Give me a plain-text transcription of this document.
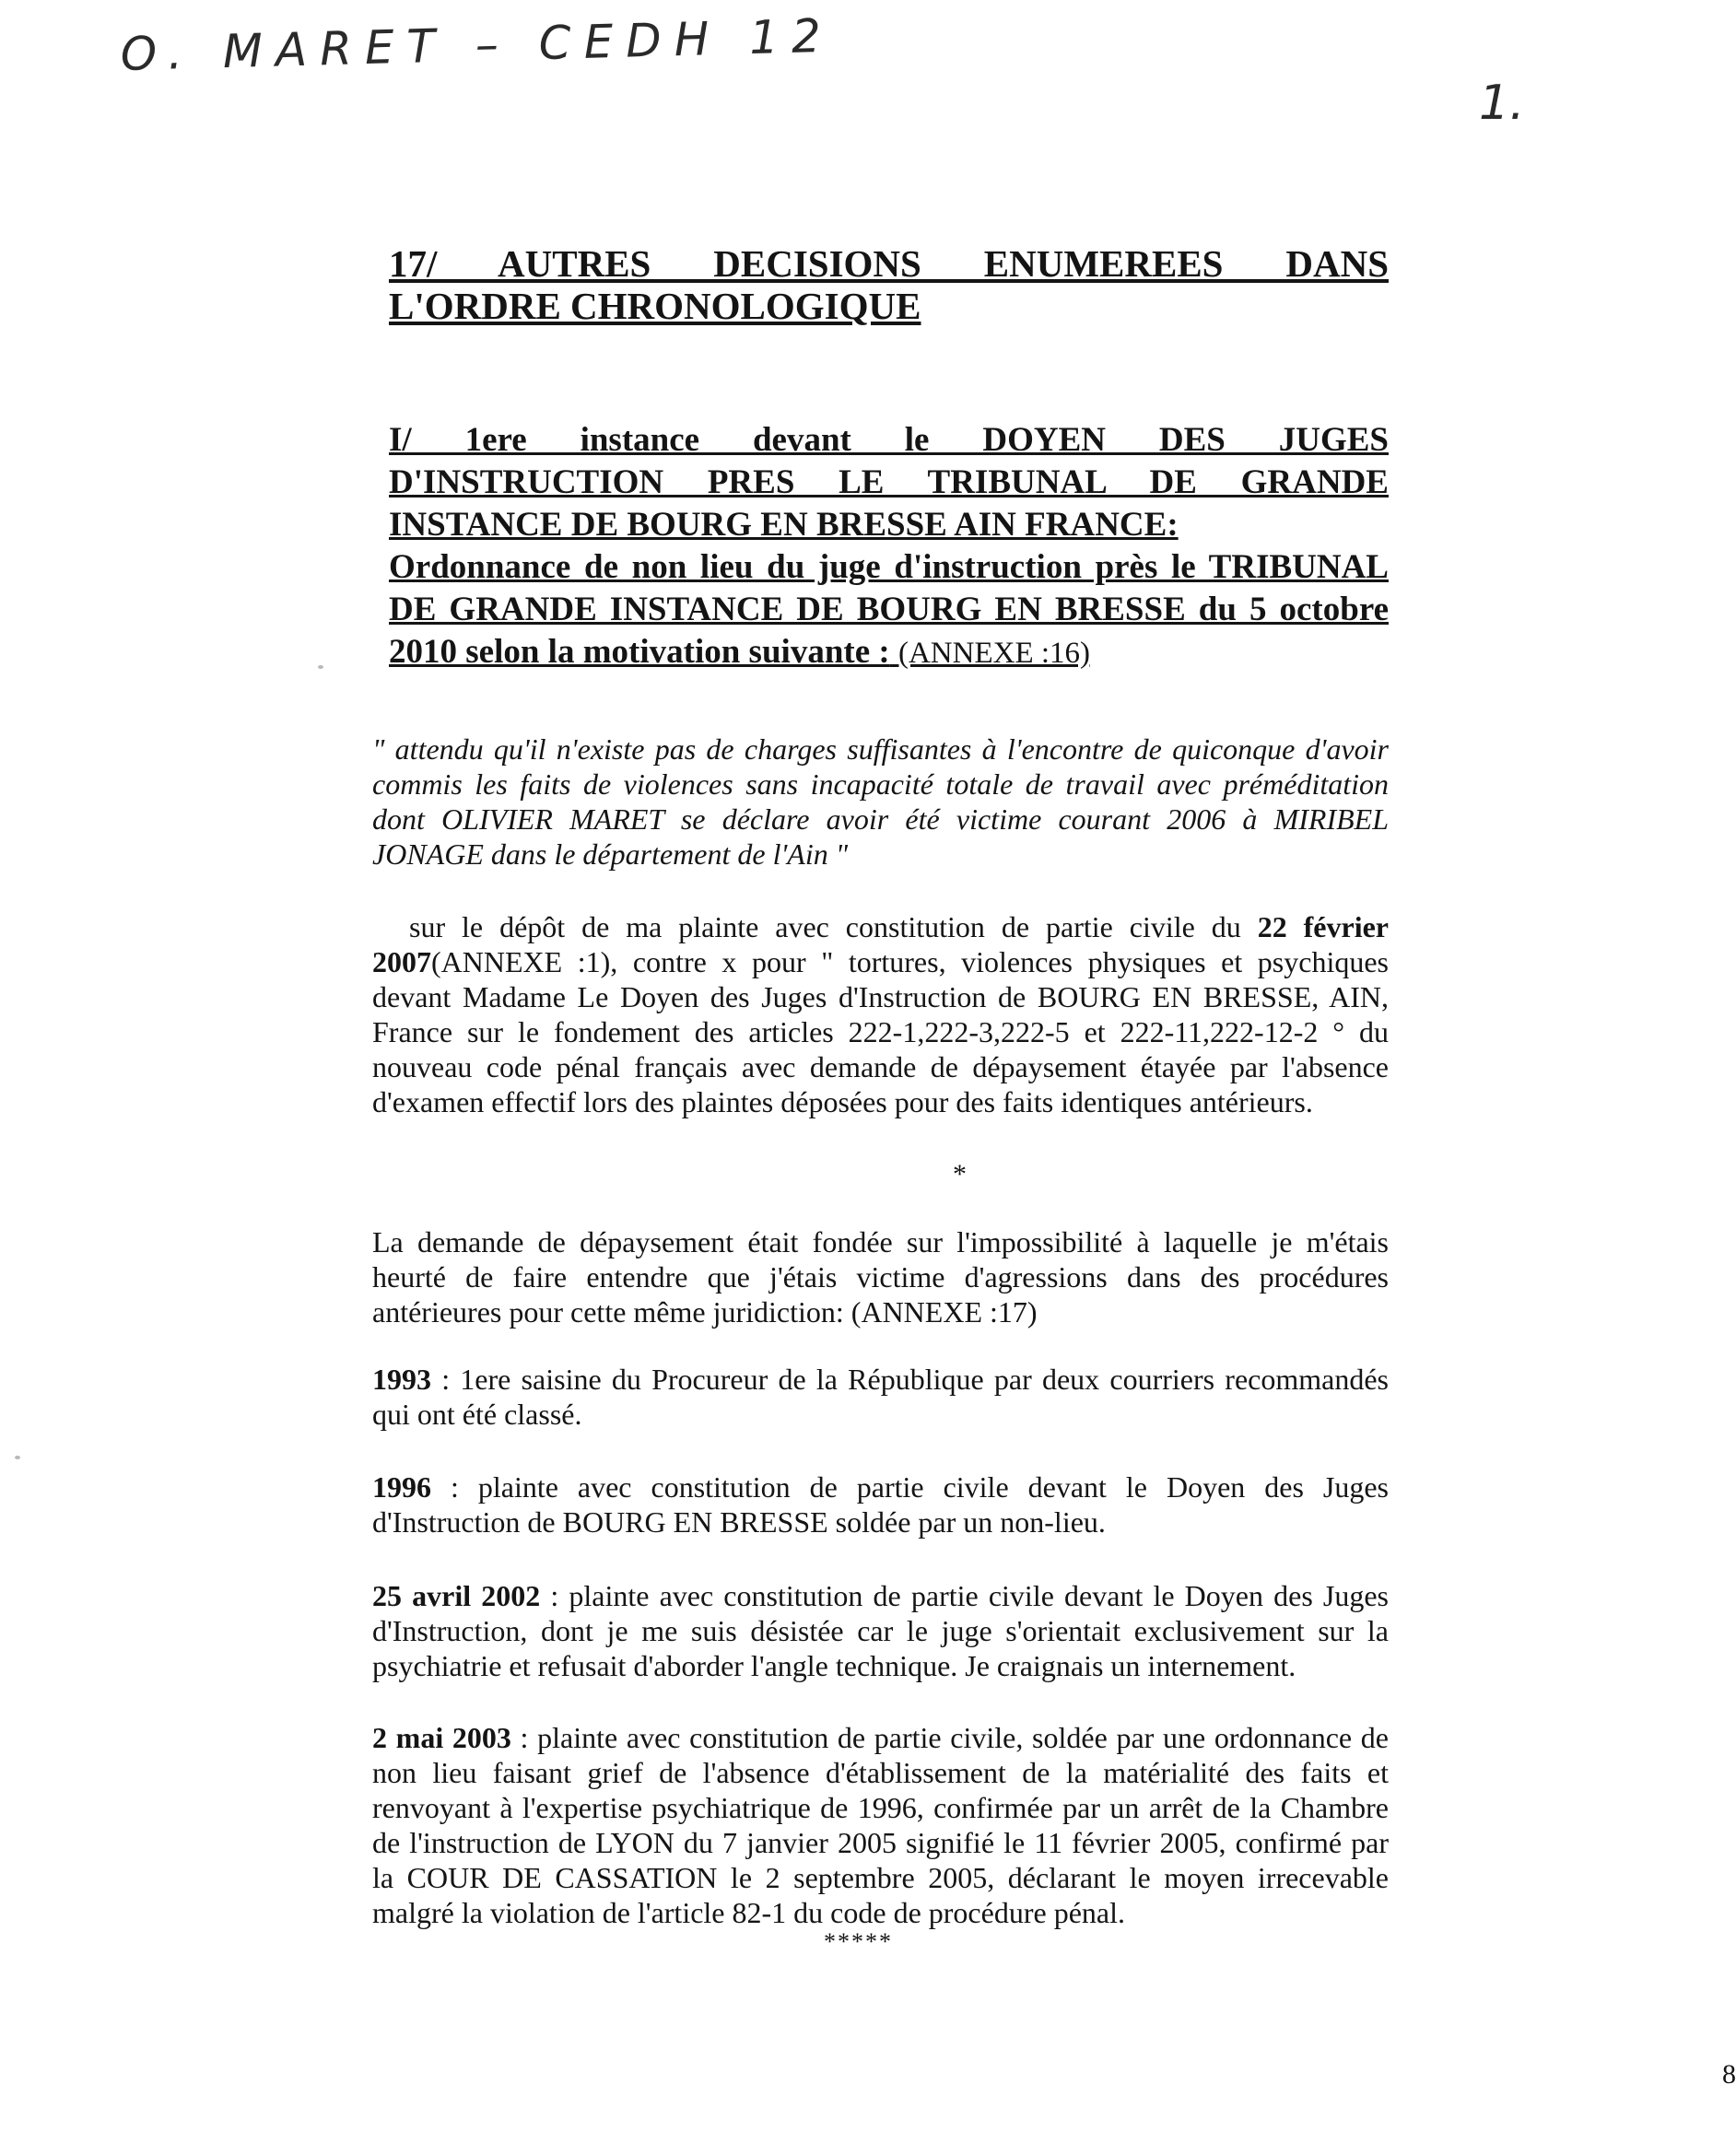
O. MARET – CEDH 12
1.
17/ AUTRES DECISIONS ENUMEREES DANS
L'ORDRE CHRONOLOGIQUE
I/ 1ere instance devant le DOYEN DES JUGES
D'INSTRUCTION PRES LE TRIBUNAL DE GRANDE
INSTANCE DE BOURG EN BRESSE AIN FRANCE:
Ordonnance de non lieu du juge d'instruction près le TRIBUNAL
DE GRANDE INSTANCE DE BOURG EN BRESSE du 5 octobre
2010 selon la motivation suivante : (ANNEXE :16)

" attendu qu'il n'existe pas de charges suffisantes à l'encontre de quiconque d'avoir commis les faits de violences sans incapacité totale de travail avec préméditation dont OLIVIER MARET se déclare avoir été victime courant 2006 à MIRIBEL JONAGE dans le département de l'Ain "

sur le dépôt de ma plainte avec constitution de partie civile du 22 février 2007(ANNEXE :1), contre x pour " tortures, violences physiques et psychiques devant Madame Le Doyen des Juges d'Instruction de BOURG EN BRESSE, AIN, France sur le fondement des articles 222-1,222-3,222-5 et 222-11,222-12-2 ° du nouveau code pénal français avec demande de dépaysement étayée par l'absence d'examen effectif lors des plaintes déposées pour des faits identiques antérieurs.

*

La demande de dépaysement était fondée sur l'impossibilité à laquelle je m'étais heurté de faire entendre que j'étais victime d'agressions dans des procédures antérieures pour cette même juridiction: (ANNEXE :17)

1993 : 1ere saisine du Procureur de la République par deux courriers recommandés qui ont été classé.

1996 : plainte avec constitution de partie civile devant le Doyen des Juges d'Instruction de BOURG EN BRESSE soldée par un non-lieu.

25 avril 2002 : plainte avec constitution de partie civile devant le Doyen des Juges d'Instruction, dont je me suis désistée car le juge s'orientait exclusivement sur la psychiatrie et refusait d'aborder l'angle technique. Je craignais un internement.

2 mai 2003 : plainte avec constitution de partie civile, soldée par une ordonnance de non lieu faisant grief de l'absence d'établissement de la matérialité des faits et renvoyant à l'expertise psychiatrique de 1996, confirmée par un arrêt de la Chambre de l'instruction de LYON du 7 janvier 2005 signifié le 11 février 2005, confirmé par la COUR DE CASSATION le 2 septembre 2005, déclarant le moyen irrecevable malgré la violation de l'article 82-1 du code de procédure pénal.

*****
8
